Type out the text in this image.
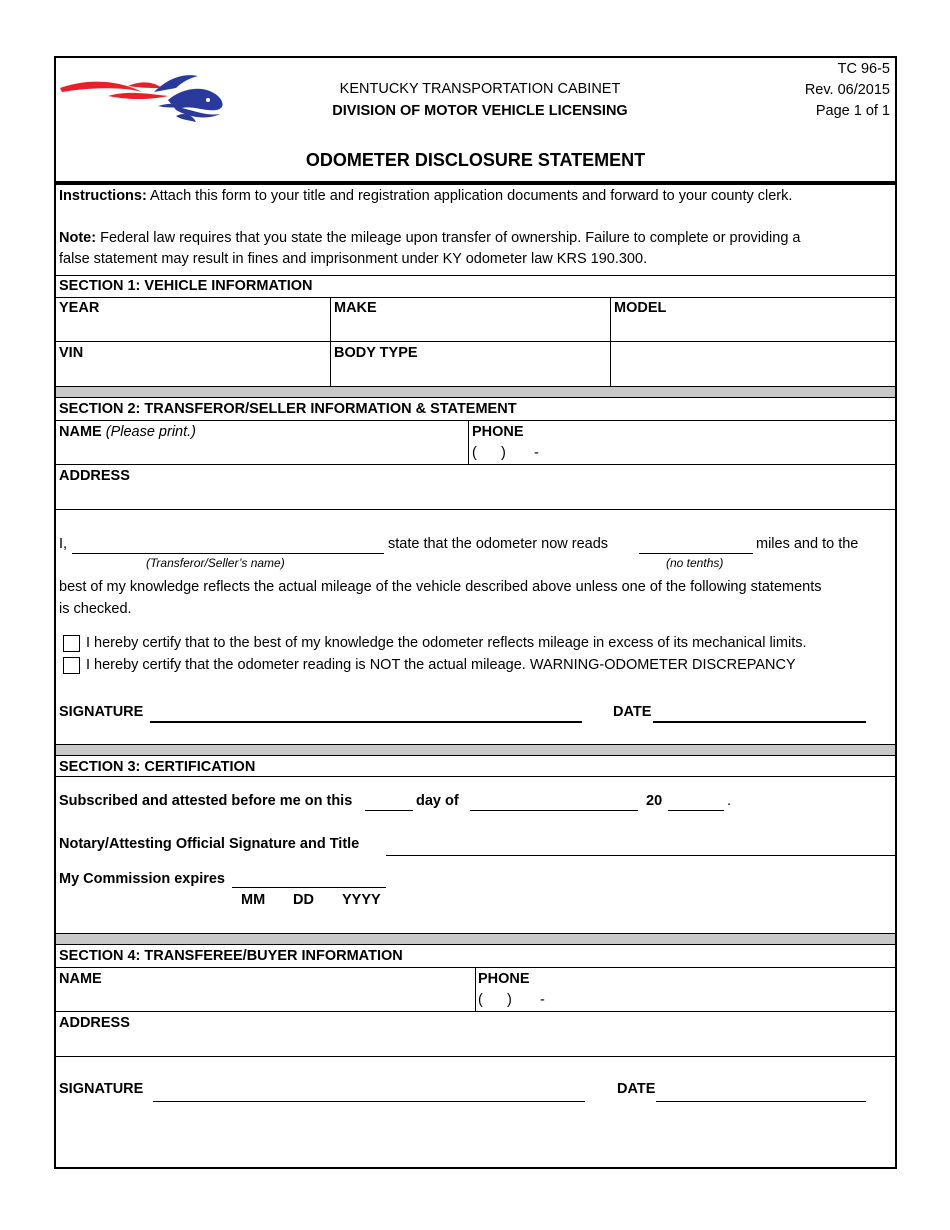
KENTUCKY TRANSPORTATION CABINET
DIVISION OF MOTOR VEHICLE LICENSING
TC 96-5
Rev. 06/2015
Page 1 of 1
ODOMETER DISCLOSURE STATEMENT
Instructions: Attach this form to your title and registration application documents and forward to your county clerk.
Note: Federal law requires that you state the mileage upon transfer of ownership. Failure to complete or providing a
false statement may result in fines and imprisonment under KY odometer law KRS 190.300.
SECTION 1: VEHICLE INFORMATION
YEAR	MAKE	MODEL
VIN	BODY TYPE
SECTION 2: TRANSFEROR/SELLER INFORMATION & STATEMENT
NAME (Please print.)	PHONE
(      )       -
ADDRESS
I,	state that the odometer now reads	miles and to the
(Transferor/Seller’s name)	(no tenths)
best of my knowledge reflects the actual mileage of the vehicle described above unless one of the following statements
is checked.
I hereby certify that to the best of my knowledge the odometer reflects mileage in excess of its mechanical limits.
I hereby certify that the odometer reading is NOT the actual mileage. WARNING-ODOMETER DISCREPANCY
SIGNATURE	DATE
SECTION 3: CERTIFICATION
Subscribed and attested before me on this	day of	20	.
Notary/Attesting Official Signature and Title
My Commission expires
MM DD YYYY
SECTION 4: TRANSFEREE/BUYER INFORMATION
NAME	PHONE
(      )       -
ADDRESS
SIGNATURE	DATE
